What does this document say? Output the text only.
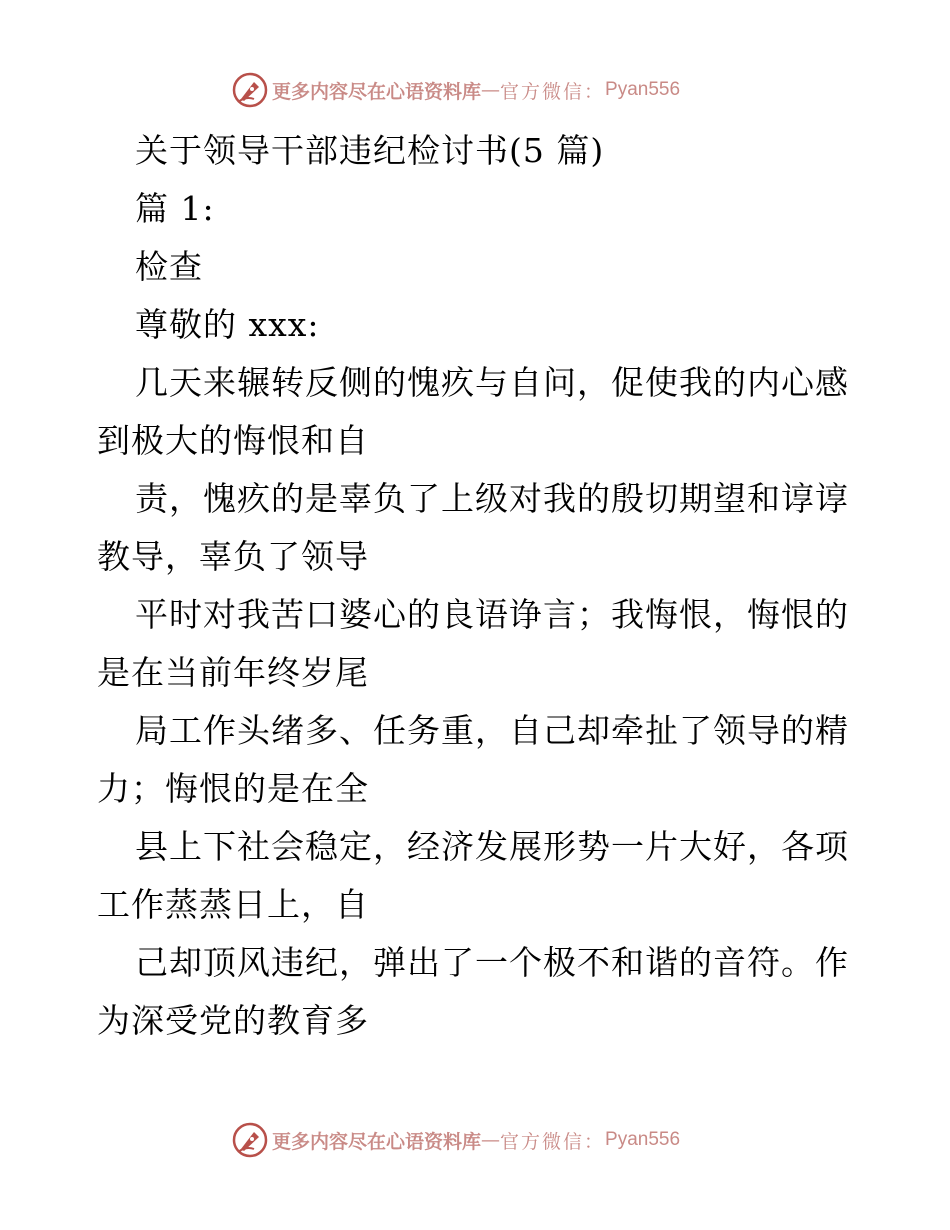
更多内容尽在心语资料库 — 官方微信： Pyan556
关于领导干部违纪检讨书(5 篇)
篇 1:
检查
尊敬的 xxx:
几天来辗转反侧的愧疚与自问，促使我的内心感
到极大的悔恨和自
责，愧疚的是辜负了上级对我的殷切期望和谆谆
教导，辜负了领导
平时对我苦口婆心的良语诤言；我悔恨，悔恨的
是在当前年终岁尾
局工作头绪多、任务重，自己却牵扯了领导的精
力；悔恨的是在全
县上下社会稳定，经济发展形势一片大好，各项
工作蒸蒸日上，自
己却顶风违纪，弹出了一个极不和谐的音符。作
为深受党的教育多
更多内容尽在心语资料库 — 官方微信： Pyan556
